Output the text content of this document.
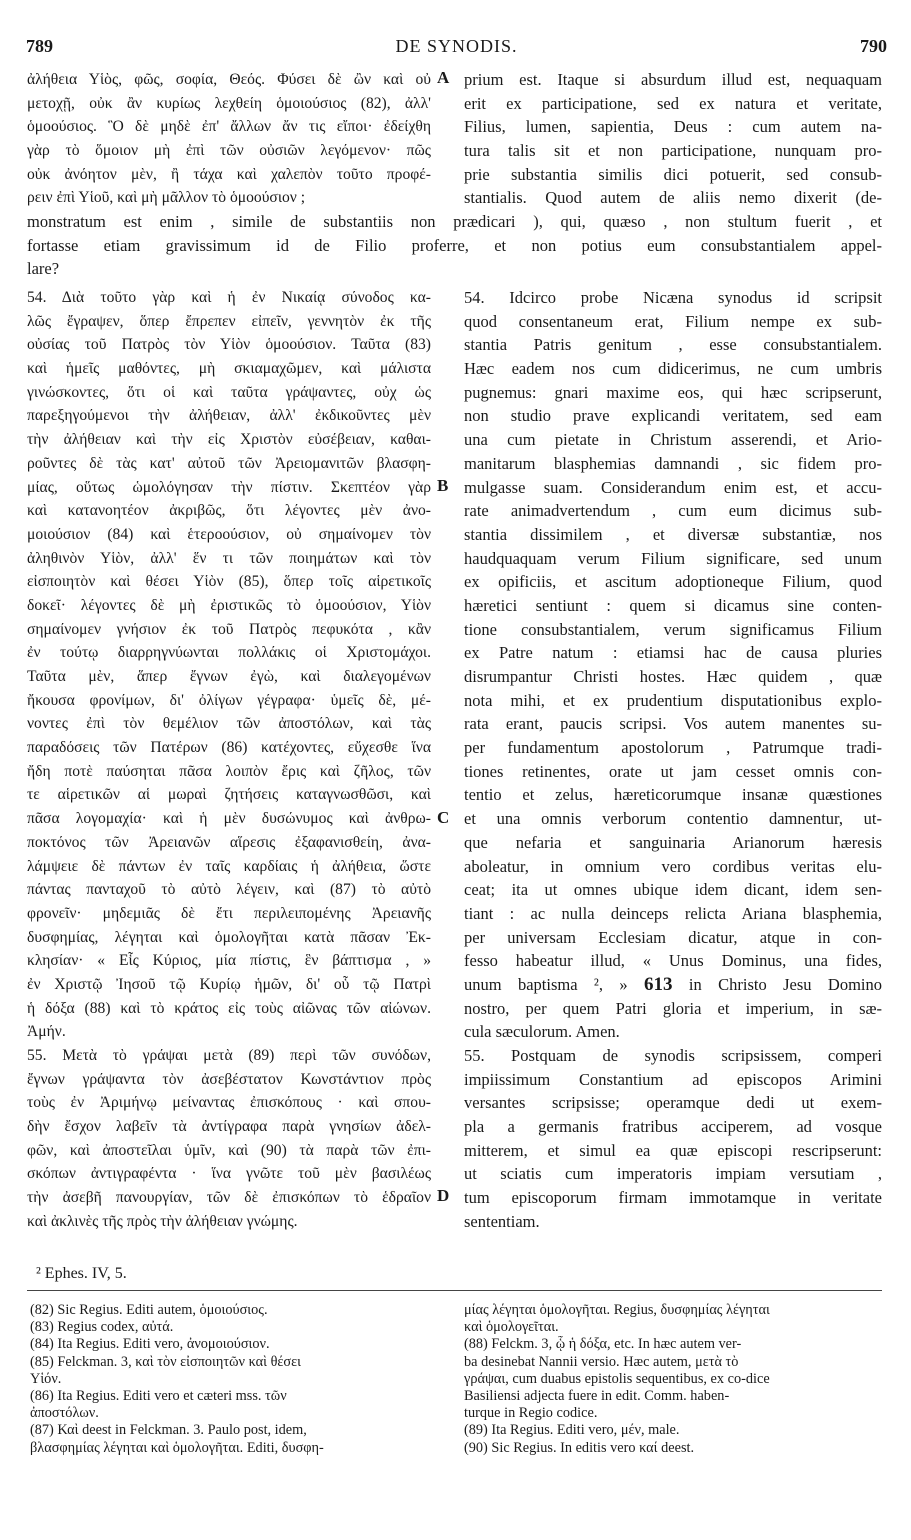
789	DE SYNODIS.	790
ἀλήθεια Υἱὸς, φῶς, σοφία, Θεός. Φύσει δὲ ὢν καὶ οὐ
μετοχῇ, οὐκ ἂν κυρίως λεχθείη ὁμοιούσιος (82), ἀλλ'
ὁμοούσιος. Ὃ δὲ μηδὲ ἐπ' ἄλλων ἄν τις εἴποι· ἐδείχθη
γὰρ τὸ ὅμοιον μὴ ἐπὶ τῶν οὐσιῶν λεγόμενον· πῶς
οὐκ ἀνόητον μὲν, ἢ τάχα καὶ χαλεπὸν τοῦτο προφέ-
ρειν ἐπὶ Υἱοῦ, καὶ μὴ μᾶλλον τὸ ὁμοούσιον ;
prium est. Itaque si absurdum illud est, nequaquam
erit ex participatione, sed ex natura et veritate,
Filius, lumen, sapientia, Deus : cum autem na-
tura talis sit et non participatione, nunquam pro-
prie substantia similis dici potuerit, sed consub-
stantialis. Quod autem de aliis nemo dixerit (de-
monstratum est enim , simile de substantiis non prædicari ), qui, quæso , non stultum fuerit , et
fortasse etiam gravissimum id de Filio proferre, et non potius eum consubstantialem appel-
lare?
54. Διὰ τοῦτο γὰρ καὶ ἡ ἐν Νικαίᾳ σύνοδος κα-
λῶς ἔγραψεν, ὅπερ ἔπρεπεν εἰπεῖν, γεννητὸν ἐκ τῆς
οὐσίας τοῦ Πατρὸς τὸν Υἱὸν ὁμοούσιον. Ταῦτα (83)
καὶ ἡμεῖς μαθόντες, μὴ σκιαμαχῶμεν, καὶ μάλιστα
γινώσκοντες, ὅτι οἱ καὶ ταῦτα γράψαντες, οὐχ ὡς
παρεξηγούμενοι τὴν ἀλήθειαν, ἀλλ' ἐκδικοῦντες μὲν
τὴν ἀλήθειαν καὶ τὴν εἰς Χριστὸν εὐσέβειαν, καθαι-
ροῦντες δὲ τὰς κατ' αὐτοῦ τῶν Ἀρειομανιτῶν βλασφη-
μίας, οὕτως ὡμολόγησαν τὴν πίστιν. Σκεπτέον γὰρ
καὶ κατανοητέον ἀκριβῶς, ὅτι λέγοντες μὲν ἀνο-
μοιούσιον (84) καὶ ἑτεροούσιον, οὐ σημαίνομεν τὸν
ἀληθινὸν Υἱὸν, ἀλλ' ἕν τι τῶν ποιημάτων καὶ τὸν
εἰσποιητὸν καὶ θέσει Υἱὸν (85), ὅπερ τοῖς αἱρετικοῖς
δοκεῖ· λέγοντες δὲ μὴ ἐριστικῶς τὸ ὁμοούσιον, Υἱὸν
σημαίνομεν γνήσιον ἐκ τοῦ Πατρὸς πεφυκότα , κἂν
ἐν τούτῳ διαρρηγνύωνται πολλάκις οἱ Χριστομάχοι.
Ταῦτα μὲν, ἅπερ ἔγνων ἐγὼ, καὶ διαλεγομένων
ἤκουσα φρονίμων, δι' ὀλίγων γέγραφα· ὑμεῖς δὲ, μέ-
νοντες ἐπὶ τὸν θεμέλιον τῶν ἀποστόλων, καὶ τὰς
παραδόσεις τῶν Πατέρων (86) κατέχοντες, εὔχεσθε ἵνα
ἤδη ποτὲ παύσηται πᾶσα λοιπὸν ἔρις καὶ ζῆλος, τῶν
τε αἱρετικῶν αἱ μωραὶ ζητήσεις καταγνωσθῶσι, καὶ
πᾶσα λογομαχία· καὶ ἡ μὲν δυσώνυμος καὶ ἀνθρω-
ποκτόνος τῶν Ἀρειανῶν αἵρεσις ἐξαφανισθείη, ἀνα-
λάμψειε δὲ πάντων ἐν ταῖς καρδίαις ἡ ἀλήθεια, ὥστε
πάντας πανταχοῦ τὸ αὐτὸ λέγειν, καὶ (87) τὸ αὐτὸ
φρονεῖν· μηδεμιᾶς δὲ ἔτι περιλειπομένης Ἀρειανῆς
δυσφημίας, λέγηται καὶ ὁμολογῆται κατὰ πᾶσαν Ἐκ-
κλησίαν· « Εἷς Κύριος, μία πίστις, ἓν βάπτισμα , »
ἐν Χριστῷ Ἰησοῦ τῷ Κυρίῳ ἡμῶν, δι' οὗ τῷ Πατρὶ
ἡ δόξα (88) καὶ τὸ κράτος εἰς τοὺς αἰῶνας τῶν αἰώνων.
Ἀμήν.
55. Μετὰ τὸ γράψαι μετὰ (89) περὶ τῶν συνόδων,
ἔγνων γράψαντα τὸν ἀσεβέστατον Κωνστάντιον πρὸς
τοὺς ἐν Ἀριμήνῳ μείναντας ἐπισκόπους · καὶ σπου-
δὴν ἔσχον λαβεῖν τὰ ἀντίγραφα παρὰ γνησίων ἀδελ-
φῶν, καὶ ἀποστεῖλαι ὑμῖν, καὶ (90) τὰ παρὰ τῶν ἐπι-
σκόπων ἀντιγραφέντα · ἵνα γνῶτε τοῦ μὲν βασιλέως
τὴν ἀσεβῆ πανουργίαν, τῶν δὲ ἐπισκόπων τὸ ἑδραῖον
καὶ ἀκλινὲς τῆς πρὸς τὴν ἀλήθειαν γνώμης.
54. Idcirco probe Nicæna synodus id scripsit
quod consentaneum erat, Filium nempe ex sub-
stantia Patris genitum , esse consubstantialem.
Hæc eadem nos cum didicerimus, ne cum umbris
pugnemus: gnari maxime eos, qui hæc scripserunt,
non studio prave explicandi veritatem, sed eam
una cum pietate in Christum asserendi, et Ario-
manitarum blasphemias damnandi , sic fidem pro-
mulgasse suam. Considerandum enim est, et accu-
rate animadvertendum , cum eum dicimus sub-
stantia dissimilem , et diversæ substantiæ, nos
haudquaquam verum Filium significare, sed unum
ex opificiis, et ascitum adoptioneque Filium, quod
hæretici sentiunt : quem si dicamus sine conten-
tione consubstantialem, verum significamus Filium
ex Patre natum : etiamsi hac de causa pluries
disrumpantur Christi hostes. Hæc quidem , quæ
nota mihi, et ex prudentium disputationibus explo-
rata erant, paucis scripsi. Vos autem manentes su-
per fundamentum apostolorum , Patrumque tradi-
tiones retinentes, orate ut jam cesset omnis con-
tentio et zelus, hæreticorumque insanæ quæstiones
et una omnis verborum contentio damnentur, ut-
que nefaria et sanguinaria Arianorum hæresis
aboleatur, in omnium vero cordibus veritas elu-
ceat; ita ut omnes ubique idem dicant, idem sen-
tiant : ac nulla deinceps relicta Ariana blasphemia,
per universam Ecclesiam dicatur, atque in con-
fesso habeatur illud, « Unus Dominus, una fides,
unum baptisma ², » 613 in Christo Jesu Domino
nostro, per quem Patri gloria et imperium, in sæ-
cula sæculorum. Amen.
55. Postquam de synodis scripsissem, comperi
impiissimum Constantium ad episcopos Arimini
versantes scripsisse; operamque dedi ut exem-
pla a germanis fratribus acciperem, ad vosque
mitterem, et simul ea quæ episcopi rescripserunt:
ut sciatis cum imperatoris impiam versutiam ,
tum episcoporum firmam immotamque in veritate
sententiam.
A
B
C
D
² Ephes. IV, 5.
(82) Sic Regius. Editi autem, ὁμοιούσιος.
(83) Regius codex, αὐτά.
(84) Ita Regius. Editi vero, ἀνομοιούσιον.
(85) Felckman. 3, καὶ τὸν εἰσποιητῶν καὶ θέσει
Υἱόν.
(86) Ita Regius. Editi vero et cæteri mss. τῶν
ἀποστόλων.
(87) Καὶ deest in Felckman. 3. Paulo post, idem,
βλασφημίας λέγηται καὶ ὁμολογῆται. Editi, δυσφη-
μίας λέγηται ὁμολογῆται. Regius, δυσφημίας λέγηται
καὶ ὁμολογεῖται.
(88) Felckm. 3, ᾧ ἡ δόξα, etc. In hæc autem ver-
ba desinebat Nannii versio. Hæc autem, μετὰ τὸ
γράψαι, cum duabus epistolis sequentibus, ex co-dice
Basiliensi adjecta fuere in edit. Comm. haben-
turque in Regio codice.
(89) Ita Regius. Editi vero, μέν, male.
(90) Sic Regius. In editis vero καί deest.
